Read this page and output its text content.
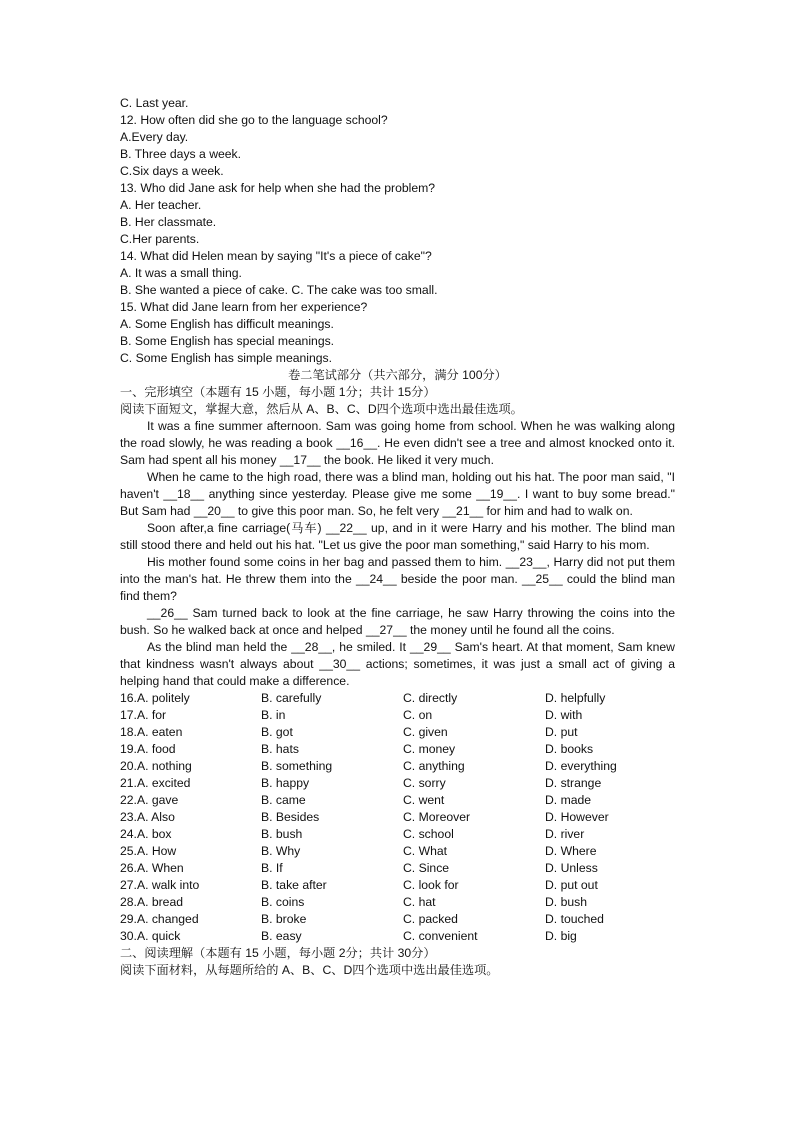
C. Last year.
12. How often did she go to the language school?
A.Every day.
B. Three days a week.
C.Six days a week.
13. Who did Jane ask for help when she had the problem?
A. Her teacher.
B. Her classmate.
C.Her parents.
14. What did Helen mean by saying "It's a piece of cake"?
A. It was a small thing.
B. She wanted a piece of cake. C. The cake was too small.
15. What did Jane learn from her experience?
A. Some English has difficult meanings.
B. Some English has special meanings.
C. Some English has simple meanings.
卷二笔试部分（共六部分，满分 100分）
一、完形填空（本题有 15 小题，每小题 1分；共计 15分）
阅读下面短文，掌握大意，然后从 A、B、C、D四个选项中选出最佳选项。

It was a fine summer afternoon. Sam was going home from school. When he was walking along the road slowly, he was reading a book __16__. He even didn't see a tree and almost knocked onto it. Sam had spent all his money __17__ the book. He liked it very much.

When he came to the high road, there was a blind man, holding out his hat. The poor man said, "I haven't __18__ anything since yesterday. Please give me some __19__. I want to buy some bread." But Sam had __20__ to give this poor man. So, he felt very __21__ for him and had to walk on.

Soon after,a fine carriage(马车) __22__ up, and in it were Harry and his mother. The blind man still stood there and held out his hat. "Let us give the poor man something," said Harry to his mom.

His mother found some coins in her bag and passed them to him. __23__, Harry did not put them into the man's hat. He threw them into the __24__ beside the poor man. __25__ could the blind man find them?

__26__ Sam turned back to look at the fine carriage, he saw Harry throwing the coins into the bush. So he walked back at once and helped __27__ the money until he found all the coins.

As the blind man held the __28__, he smiled. It __29__ Sam's heart. At that moment, Sam knew that kindness wasn't always about __30__ actions; sometimes, it was just a small act of giving a helping hand that could make a difference.

16.A. politely	B. carefully	C. directly	D. helpfully
17.A. for	B. in	C. on	D. with
18.A. eaten	B. got	C. given	D. put
19.A. food	B. hats	C. money	D. books
20.A. nothing	B. something	C. anything	D. everything
21.A. excited	B. happy	C. sorry	D. strange
22.A. gave	B. came	C. went	D. made
23.A. Also	B. Besides	C. Moreover	D. However
24.A. box	B. bush	C. school	D. river
25.A. How	B. Why	C. What	D. Where
26.A. When	B. If	C. Since	D. Unless
27.A. walk into	B. take after	C. look for	D. put out
28.A. bread	B. coins	C. hat	D. bush
29.A. changed	B. broke	C. packed	D. touched
30.A. quick	B. easy	C. convenient	D. big
二、阅读理解（本题有 15 小题，每小题 2分；共计 30分）
阅读下面材料，从每题所给的 A、B、C、D四个选项中选出最佳选项。
